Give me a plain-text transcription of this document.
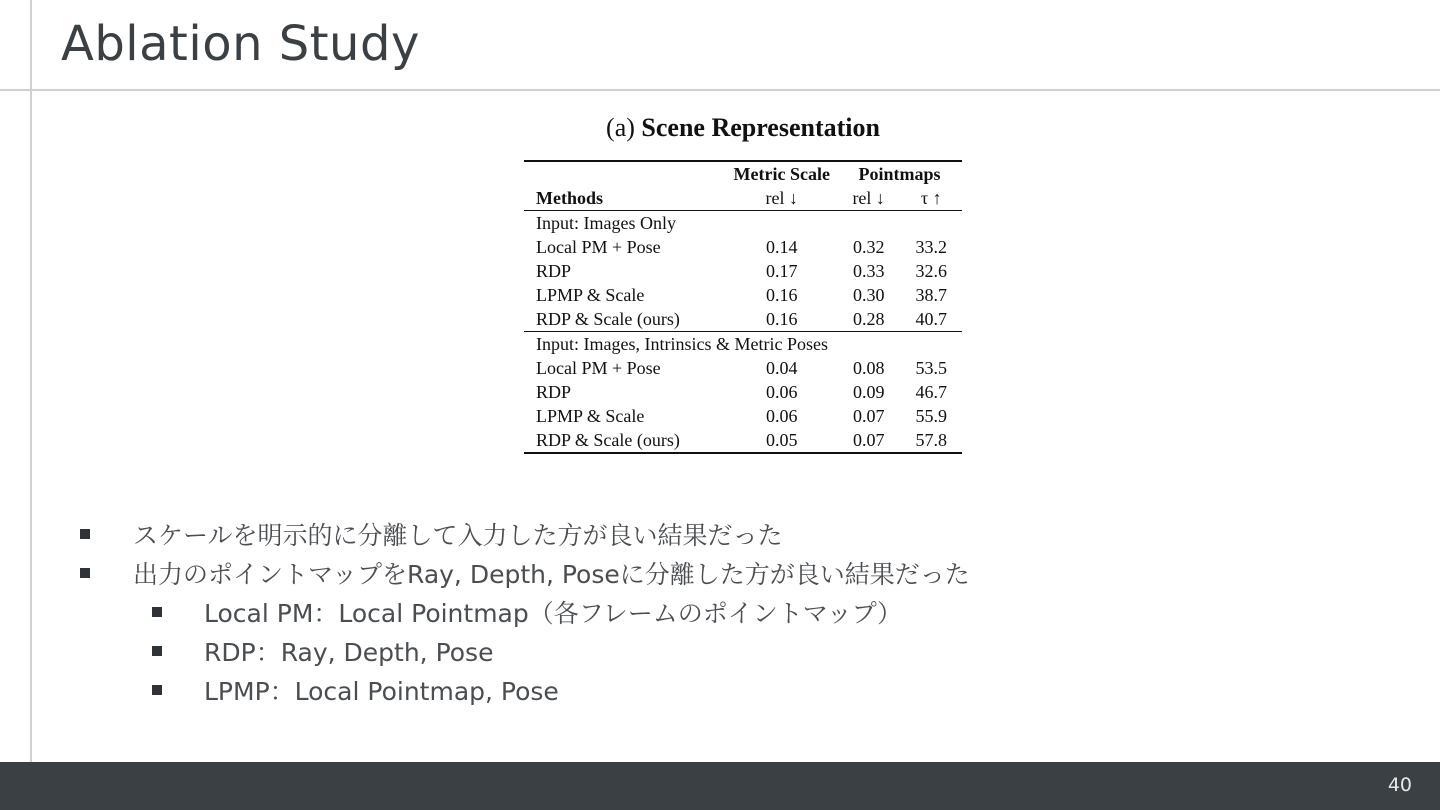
Ablation Study
(a) Scene Representation
	Metric Scale	Pointmaps	
Methods	rel ↓	rel ↓	τ ↑
Input: Images Only			
Local PM + Pose	0.14	0.32	33.2
RDP	0.17	0.33	32.6
LPMP & Scale	0.16	0.30	38.7
RDP & Scale (ours)	0.16	0.28	40.7
Input: Images, Intrinsics & Metric Poses			
Local PM + Pose	0.04	0.08	53.5
RDP	0.06	0.09	46.7
LPMP & Scale	0.06	0.07	55.9
RDP & Scale (ours)	0.05	0.07	57.8
スケールを明示的に分離して入力した方が良い結果だった
出力のポイントマップをRay, Depth, Poseに分離した方が良い結果だった
Local PM：Local Pointmap（各フレームのポイントマップ）
RDP：Ray, Depth, Pose
LPMP：Local Pointmap, Pose
40
